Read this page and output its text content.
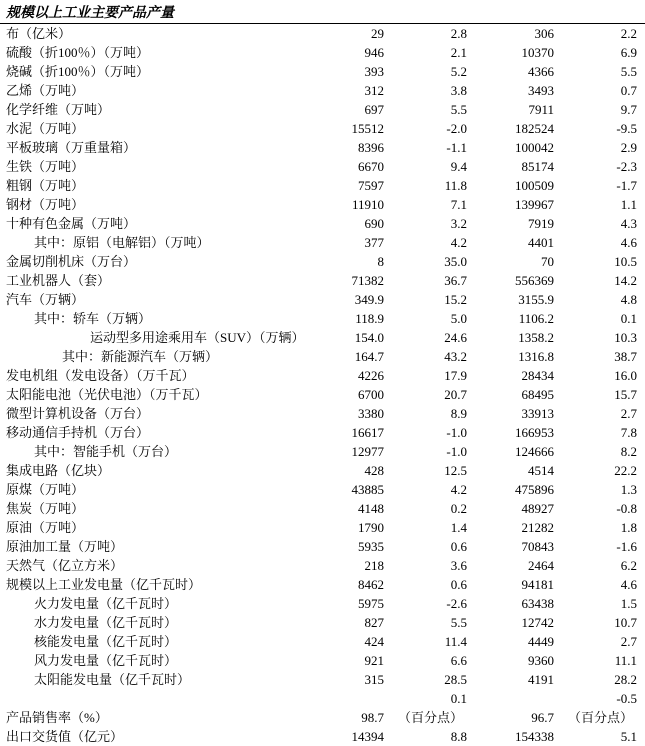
规模以上工业主要产品产量
布（亿米）	29	2.8	306	2.2
硫酸（折100％）（万吨）	946	2.1	10370	6.9
烧碱（折100％）（万吨）	393	5.2	4366	5.5
乙烯（万吨）	312	3.8	3493	0.7
化学纤维（万吨）	697	5.5	7911	9.7
水泥（万吨）	15512	-2.0	182524	-9.5
平板玻璃（万重量箱）	8396	-1.1	100042	2.9
生铁（万吨）	6670	9.4	85174	-2.3
粗钢（万吨）	7597	11.8	100509	-1.7
钢材（万吨）	11910	7.1	139967	1.1
十种有色金属（万吨）	690	3.2	7919	4.3
其中：原铝（电解铝）（万吨）	377	4.2	4401	4.6
金属切削机床（万台）	8	35.0	70	10.5
工业机器人（套）	71382	36.7	556369	14.2
汽车（万辆）	349.9	15.2	3155.9	4.8
其中：轿车（万辆）	118.9	5.0	1106.2	0.1
运动型多用途乘用车（SUV）（万辆）	154.0	24.6	1358.2	10.3
其中：新能源汽车（万辆）	164.7	43.2	1316.8	38.7
发电机组（发电设备）（万千瓦）	4226	17.9	28434	16.0
太阳能电池（光伏电池）（万千瓦）	6700	20.7	68495	15.7
微型计算机设备（万台）	3380	8.9	33913	2.7
移动通信手持机（万台）	16617	-1.0	166953	7.8
其中：智能手机（万台）	12977	-1.0	124666	8.2
集成电路（亿块）	428	12.5	4514	22.2
原煤（万吨）	43885	4.2	475896	1.3
焦炭（万吨）	4148	0.2	48927	-0.8
原油（万吨）	1790	1.4	21282	1.8
原油加工量（万吨）	5935	0.6	70843	-1.6
天然气（亿立方米）	218	3.6	2464	6.2
规模以上工业发电量（亿千瓦时）	8462	0.6	94181	4.6
火力发电量（亿千瓦时）	5975	-2.6	63438	1.5
水力发电量（亿千瓦时）	827	5.5	12742	10.7
核能发电量（亿千瓦时）	424	11.4	4449	2.7
风力发电量（亿千瓦时）	921	6.6	9360	11.1
太阳能发电量（亿千瓦时）	315	28.5	4191	28.2
		0.1		-0.5
产品销售率（%）	98.7	（百分点）	96.7	（百分点）
出口交货值（亿元）	14394	8.8	154338	5.1
